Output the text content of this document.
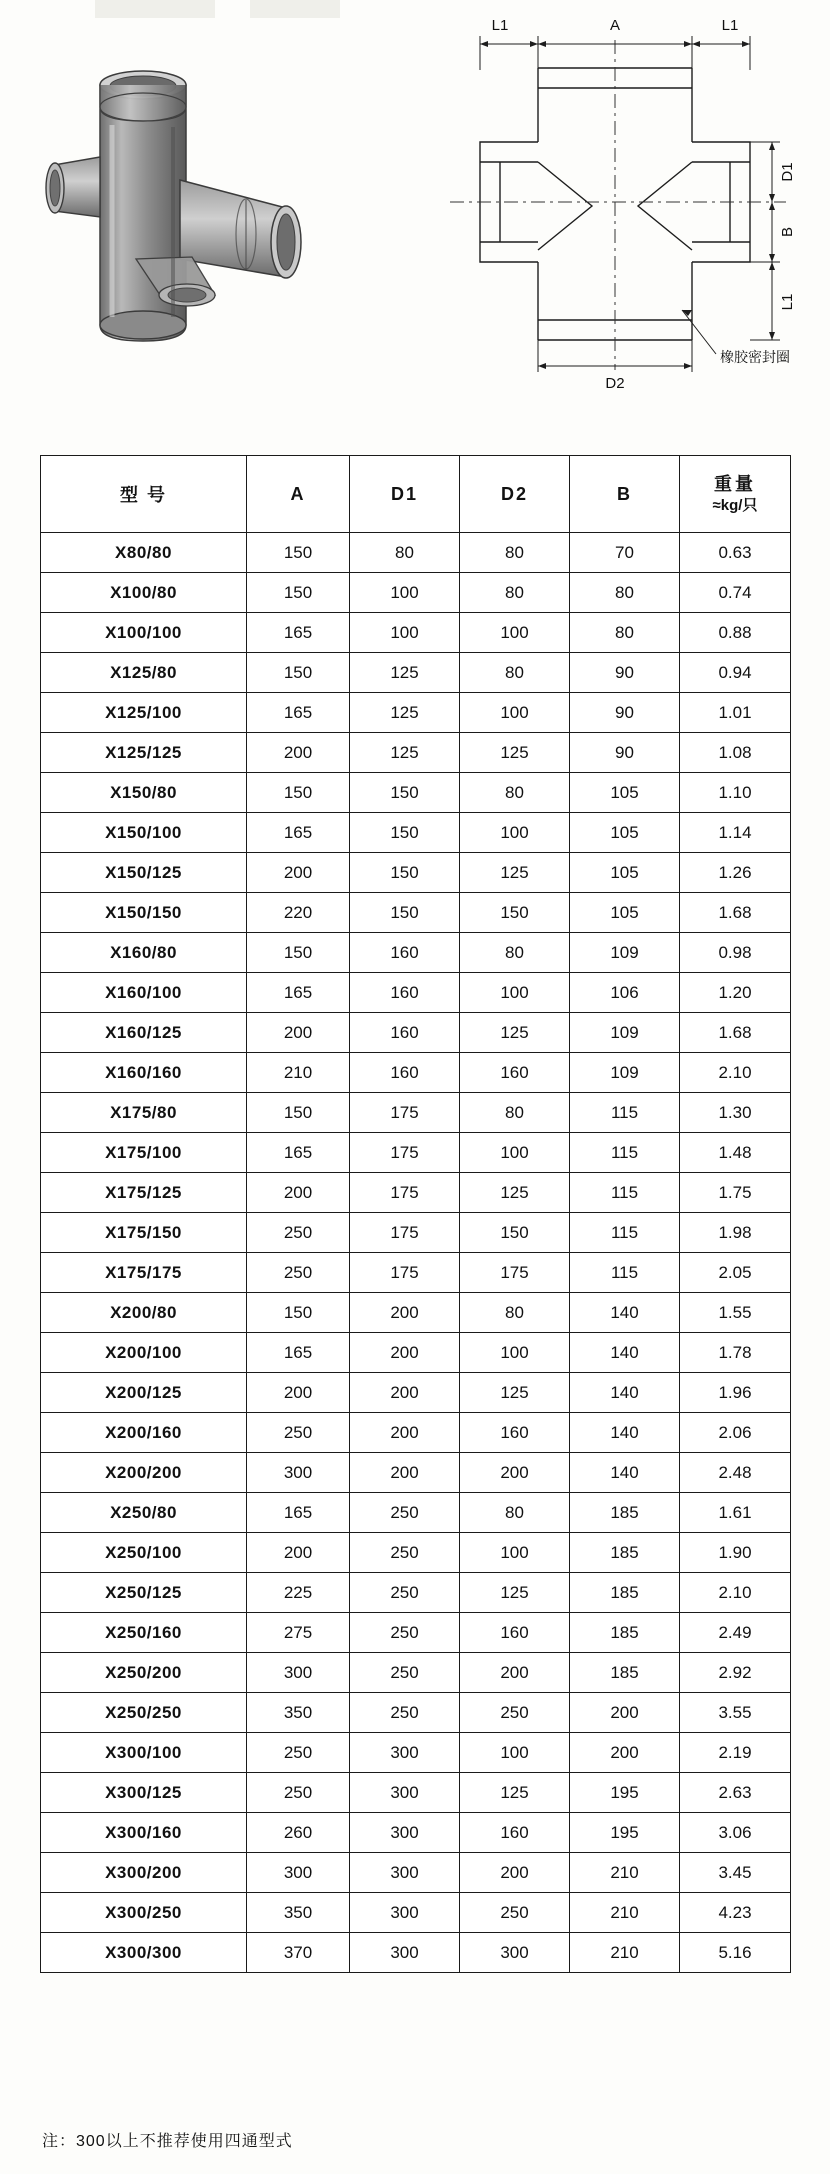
L1	A	L1
D1
B
L1
D2
橡胶密封圈
型 号	A	D1	D2	B	重量
≈kg/只

X80/80	150	80	80	70	0.63
X100/80	150	100	80	80	0.74
X100/100	165	100	100	80	0.88
X125/80	150	125	80	90	0.94
X125/100	165	125	100	90	1.01
X125/125	200	125	125	90	1.08
X150/80	150	150	80	105	1.10
X150/100	165	150	100	105	1.14
X150/125	200	150	125	105	1.26
X150/150	220	150	150	105	1.68
X160/80	150	160	80	109	0.98
X160/100	165	160	100	106	1.20
X160/125	200	160	125	109	1.68
X160/160	210	160	160	109	2.10
X175/80	150	175	80	115	1.30
X175/100	165	175	100	115	1.48
X175/125	200	175	125	115	1.75
X175/150	250	175	150	115	1.98
X175/175	250	175	175	115	2.05
X200/80	150	200	80	140	1.55
X200/100	165	200	100	140	1.78
X200/125	200	200	125	140	1.96
X200/160	250	200	160	140	2.06
X200/200	300	200	200	140	2.48
X250/80	165	250	80	185	1.61
X250/100	200	250	100	185	1.90
X250/125	225	250	125	185	2.10
X250/160	275	250	160	185	2.49
X250/200	300	250	200	185	2.92
X250/250	350	250	250	200	3.55
X300/100	250	300	100	200	2.19
X300/125	250	300	125	195	2.63
X300/160	260	300	160	195	3.06
X300/200	300	300	200	210	3.45
X300/250	350	300	250	210	4.23
X300/300	370	300	300	210	5.16
注：300以上不推荐使用四通型式
